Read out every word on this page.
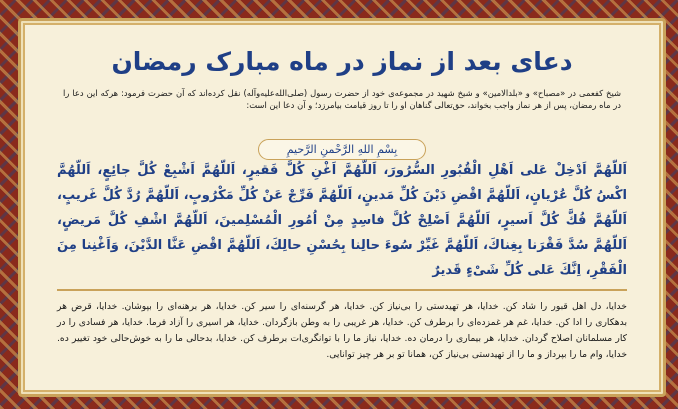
دعای بعد از نماز در ماه مبارک رمضان
شیخ کفعمی در «مصباح» و «بلدالامین» و شیخ شهید در مجموعه‌ی خود از حضرت رسول (صلی‌الله‌علیه‌وآله) نقل کرده‌اند که آن حضرت فرمود: هرکه این دعا را در ماه رمضان، پس از هر نماز واجب بخواند، حق‌تعالی گناهان او را تا روز قیامت بیامرزد؛ و آن دعا این است:
بِسْمِ اللهِ الرَّحْمنِ الرَّحیمِ
اَللّهُمَّ اَدْخِلْ عَلی اَهْلِ الْقُبُورِ السُّرُورَ، اَللّهُمَّ اَغْنِ كُلَّ فَقیرٍ، اَللّهُمَّ اَشْبِعْ كُلَّ جائِعٍ، اَللّهُمَّ اكْسُ كُلَّ عُرْیانٍ، اَللّهُمَّ اقْضِ دَیْنَ كُلِّ مَدینٍ، اَللّهُمَّ فَرِّجْ عَنْ كُلِّ مَكْرُوبٍ، اَللّهُمَّ رُدَّ كُلَّ غَریبٍ، اَللّهُمَّ فُكَّ كُلَّ اَسیرٍ، اَللّهُمَّ اَصْلِحْ كُلَّ فاسِدٍ مِنْ اُمُورِ الْمُسْلِمینَ، اَللّهُمَّ اشْفِ كُلَّ مَریضٍ، اَللّهُمَّ سُدَّ فَقْرَنا بِغِناكَ، اَللّهُمَّ غَیِّرْ سُوءَ حالِنا بِحُسْنِ حالِكَ، اَللّهُمَّ اقْضِ عَنَّا الدَّیْنَ، وَاَغْنِنا مِنَ الْفَقْرِ، اِنَّكَ عَلی كُلِّ شَیْءٍ قَدیرٌ
خدایا، دل اهل قبور را شاد کن. خدایا، هر تهیدستی را بی‌نیاز کن. خدایا، هر گرسنه‌ای را سیر کن. خدایا، هر برهنه‌ای را بپوشان. خدایا، قرض هر بدهکاری را ادا کن. خدایا، غم هر غمزده‌ای را برطرف کن. خدایا، هر غریبی را به وطن بازگردان. خدایا، هر اسیری را آزاد فرما. خدایا، هر فسادی را در کار مسلمانان اصلاح گردان. خدایا، هر بیماری را درمان ده. خدایا، نیاز ما را با توانگری‌ات برطرف کن. خدایا، بدحالی ما را به خوش‌حالی خود تغییر ده. خدایا، وام ما را بپرداز و ما را از تهیدستی بی‌نیاز کن، همانا تو بر هر چیز توانایی.
